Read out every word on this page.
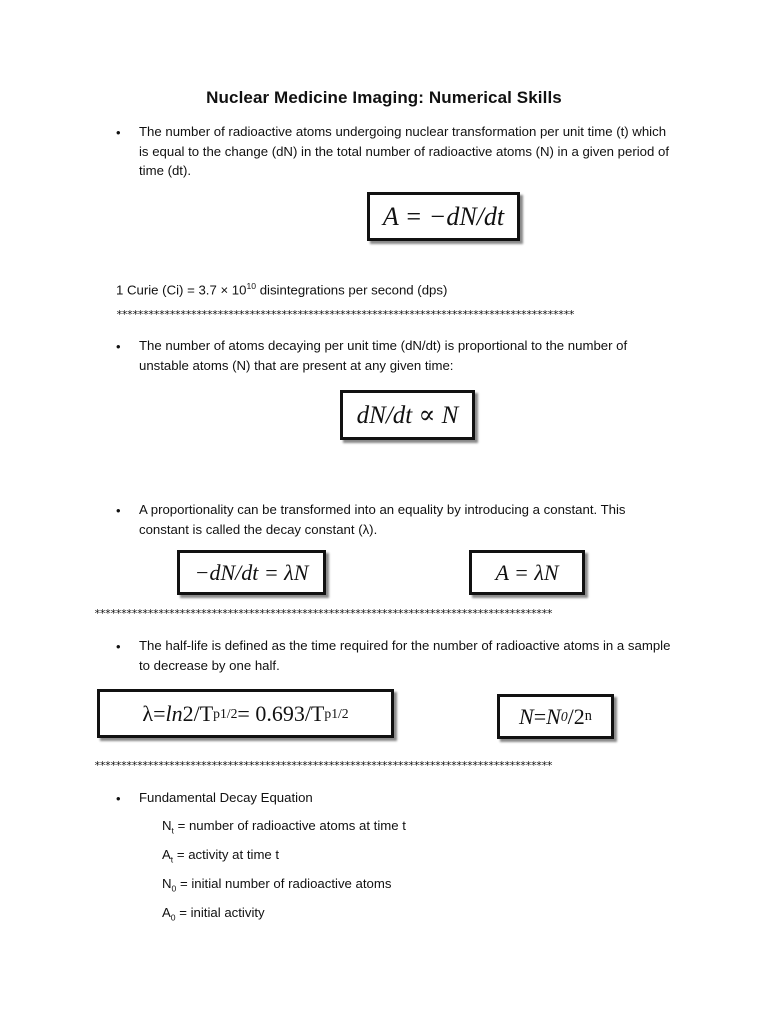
Nuclear Medicine Imaging: Numerical Skills
• The number of radioactive atoms undergoing nuclear transformation per unit time (t) which is equal to the change (dN) in the total number of radioactive atoms (N) in a given period of time (dt).
A = −dN/dt
1 Curie $(Ci) = 3.7 \times 10^{10}$ disintegrations per second (dps)
**************************************************************************************
• The number of atoms decaying per unit time (dN/dt) is proportional to the number of unstable atoms (N) that are present at any given time:
dN/dt ∝ N
• A proportionality can be transformed into an equality by introducing a constant. This constant is called the decay constant (λ).
−dN/dt = λN	A = λN
**************************************************************************************
• The half-life is defined as the time required for the number of radioactive atoms in a sample to decrease by one half.
λ = ln 2/T p1/2 = 0.693/T p1/2	N = N 0 /2 n
**************************************************************************************
• Fundamental Decay Equation
$N_t$ = number of radioactive atoms at time t
$A_t$ = activity at time t
$N_0$ = initial number of radioactive atoms
$A_0$ = initial activity
